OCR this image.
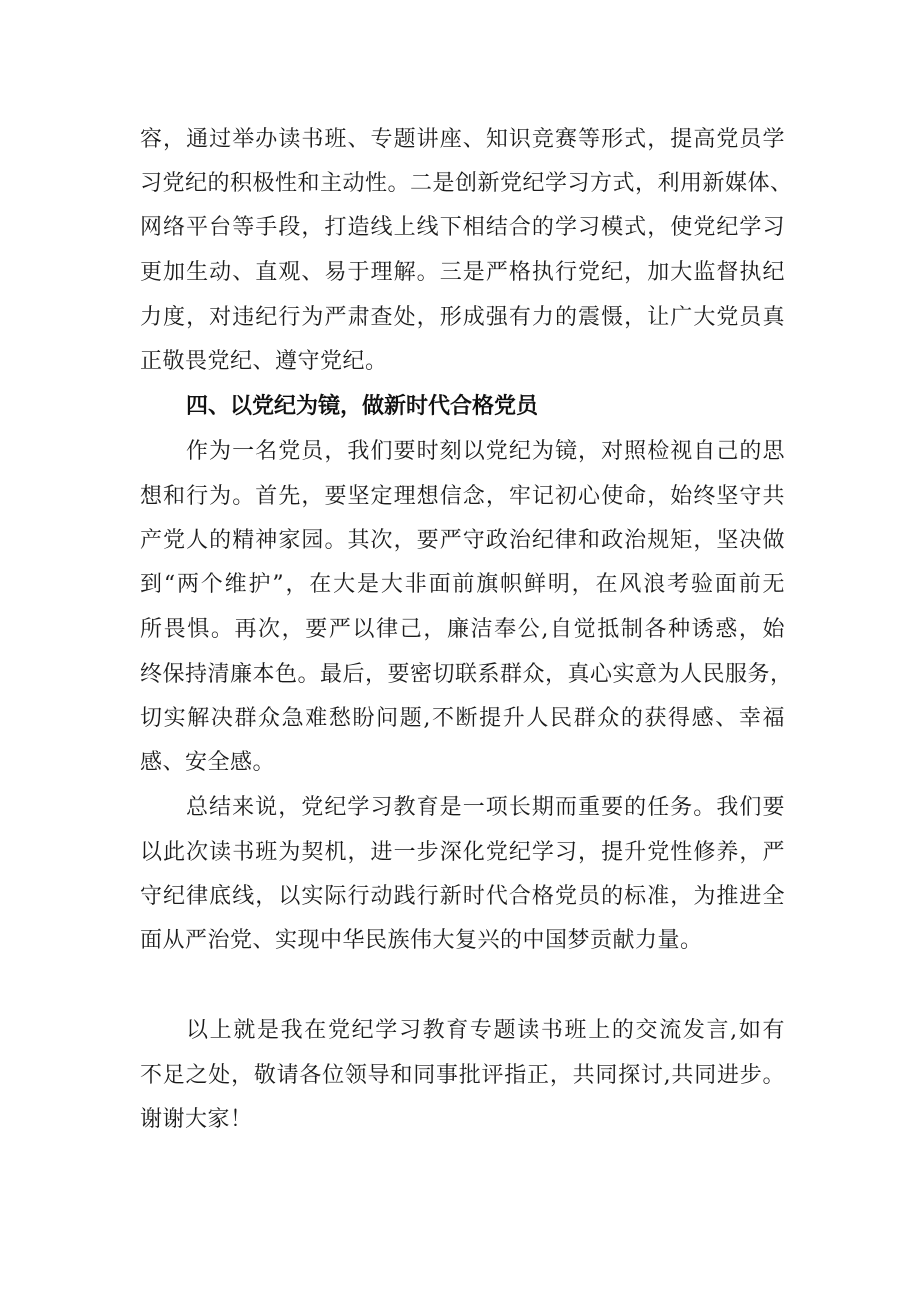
容，通过举办读书班、专题讲座、知识竞赛等形式，提高党员学
习党纪的积极性和主动性。二是创新党纪学习方式，利用新媒体、
网络平台等手段，打造线上线下相结合的学习模式，使党纪学习
更加生动、直观、易于理解。三是严格执行党纪，加大监督执纪
力度，对违纪行为严肃查处，形成强有力的震慑，让广大党员真
正敬畏党纪、遵守党纪。
四、以党纪为镜，做新时代合格党员
作为一名党员，我们要时刻以党纪为镜，对照检视自己的思
想和行为。首先，要坚定理想信念，牢记初心使命，始终坚守共
产党人的精神家园。其次，要严守政治纪律和政治规矩，坚决做
到“两个维护”，在大是大非面前旗帜鲜明，在风浪考验面前无
所畏惧。再次，要严以律己，廉洁奉公,自觉抵制各种诱惑，始
终保持清廉本色。最后，要密切联系群众，真心实意为人民服务，
切实解决群众急难愁盼问题,不断提升人民群众的获得感、幸福
感、安全感。
总结来说，党纪学习教育是一项长期而重要的任务。我们要
以此次读书班为契机，进一步深化党纪学习，提升党性修养，严
守纪律底线，以实际行动践行新时代合格党员的标准，为推进全
面从严治党、实现中华民族伟大复兴的中国梦贡献力量。
以上就是我在党纪学习教育专题读书班上的交流发言,如有
不足之处，敬请各位领导和同事批评指正，共同探讨,共同进步。
谢谢大家！
